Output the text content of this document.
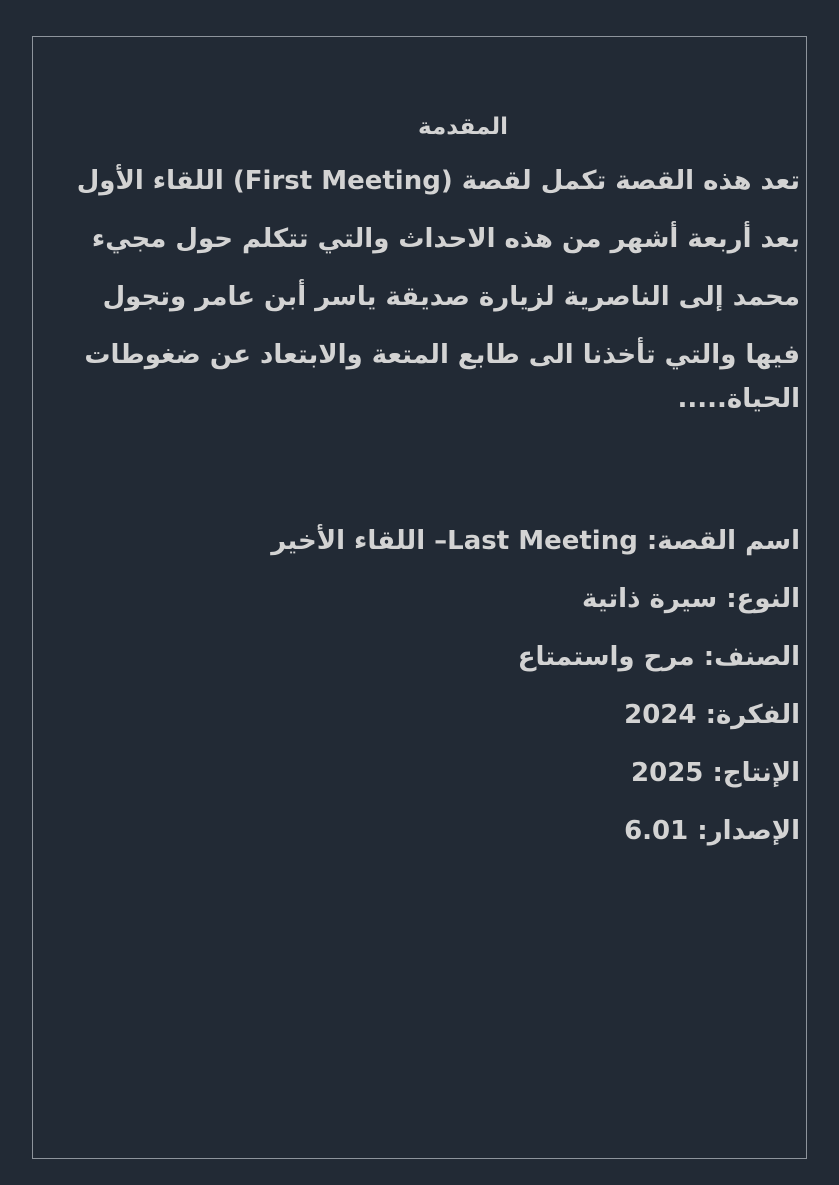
المقدمة
تعد هذه القصة تكمل لقصة (First Meeting) اللقاء الأول
بعد أربعة أشهر من هذه الاحداث والتي تتكلم حول مجيء
محمد إلى الناصرية لزيارة صديقة ياسر أبن عامر وتجول
فيها والتي تأخذنا الى طابع المتعة والابتعاد عن ضغوطات
الحياة.....
اسم القصة: Last Meeting– اللقاء الأخير
النوع: سيرة ذاتية
الصنف: مرح واستمتاع
الفكرة: 2024
الإنتاج: 2025
الإصدار: 6.01
